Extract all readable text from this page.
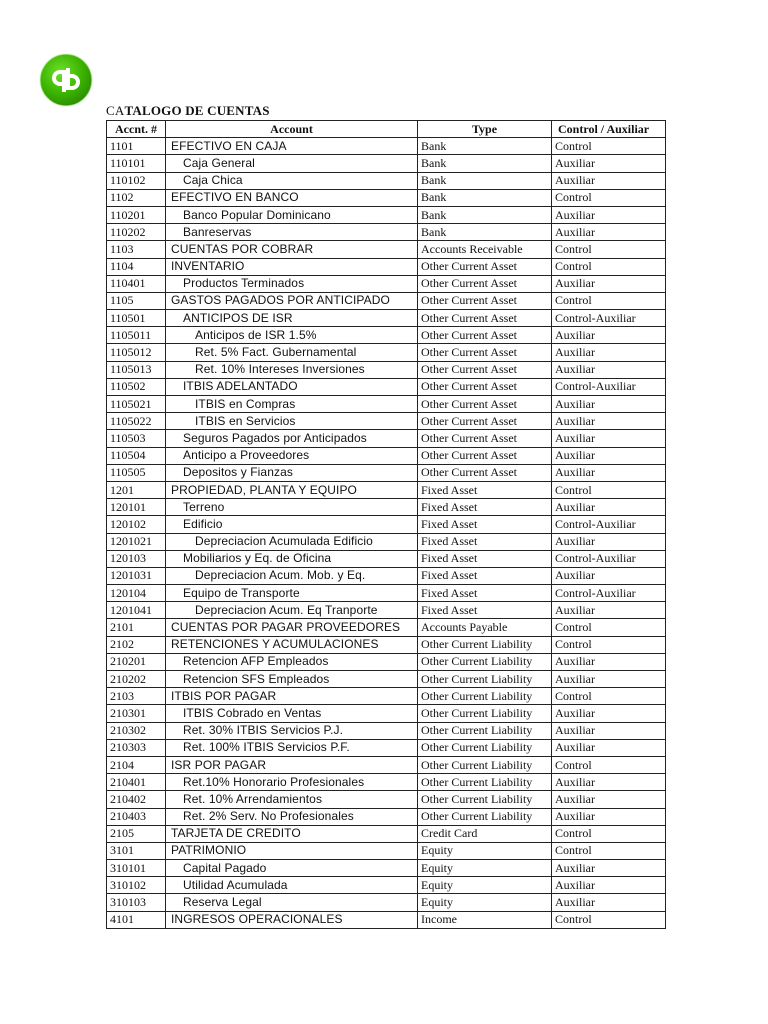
CATALOGO DE CUENTAS
Accnt. #	Account	Type	Control / Auxiliar
1101	EFECTIVO EN CAJA	Bank	Control
110101	Caja General	Bank	Auxiliar
110102	Caja Chica	Bank	Auxiliar
1102	EFECTIVO EN BANCO	Bank	Control
110201	Banco Popular Dominicano	Bank	Auxiliar
110202	Banreservas	Bank	Auxiliar
1103	CUENTAS POR COBRAR	Accounts Receivable	Control
1104	INVENTARIO	Other Current Asset	Control
110401	Productos Terminados	Other Current Asset	Auxiliar
1105	GASTOS PAGADOS POR ANTICIPADO	Other Current Asset	Control
110501	ANTICIPOS DE ISR	Other Current Asset	Control-Auxiliar
1105011	Anticipos de ISR 1.5%	Other Current Asset	Auxiliar
1105012	Ret. 5% Fact. Gubernamental	Other Current Asset	Auxiliar
1105013	Ret. 10% Intereses Inversiones	Other Current Asset	Auxiliar
110502	ITBIS ADELANTADO	Other Current Asset	Control-Auxiliar
1105021	ITBIS en Compras	Other Current Asset	Auxiliar
1105022	ITBIS en Servicios	Other Current Asset	Auxiliar
110503	Seguros Pagados por Anticipados	Other Current Asset	Auxiliar
110504	Anticipo a Proveedores	Other Current Asset	Auxiliar
110505	Depositos y Fianzas	Other Current Asset	Auxiliar
1201	PROPIEDAD, PLANTA Y EQUIPO	Fixed Asset	Control
120101	Terreno	Fixed Asset	Auxiliar
120102	Edificio	Fixed Asset	Control-Auxiliar
1201021	Depreciacion Acumulada Edificio	Fixed Asset	Auxiliar
120103	Mobiliarios y Eq. de Oficina	Fixed Asset	Control-Auxiliar
1201031	Depreciacion Acum. Mob. y Eq.	Fixed Asset	Auxiliar
120104	Equipo de Transporte	Fixed Asset	Control-Auxiliar
1201041	Depreciacion Acum. Eq Tranporte	Fixed Asset	Auxiliar
2101	CUENTAS POR PAGAR PROVEEDORES	Accounts Payable	Control
2102	RETENCIONES Y ACUMULACIONES	Other Current Liability	Control
210201	Retencion AFP Empleados	Other Current Liability	Auxiliar
210202	Retencion SFS Empleados	Other Current Liability	Auxiliar
2103	ITBIS POR PAGAR	Other Current Liability	Control
210301	ITBIS Cobrado en Ventas	Other Current Liability	Auxiliar
210302	Ret. 30% ITBIS Servicios P.J.	Other Current Liability	Auxiliar
210303	Ret. 100% ITBIS Servicios P.F.	Other Current Liability	Auxiliar
2104	ISR POR PAGAR	Other Current Liability	Control
210401	Ret.10% Honorario Profesionales	Other Current Liability	Auxiliar
210402	Ret. 10% Arrendamientos	Other Current Liability	Auxiliar
210403	Ret. 2% Serv. No Profesionales	Other Current Liability	Auxiliar
2105	TARJETA DE CREDITO	Credit Card	Control
3101	PATRIMONIO	Equity	Control
310101	Capital Pagado	Equity	Auxiliar
310102	Utilidad Acumulada	Equity	Auxiliar
310103	Reserva Legal	Equity	Auxiliar
4101	INGRESOS OPERACIONALES	Income	Control
